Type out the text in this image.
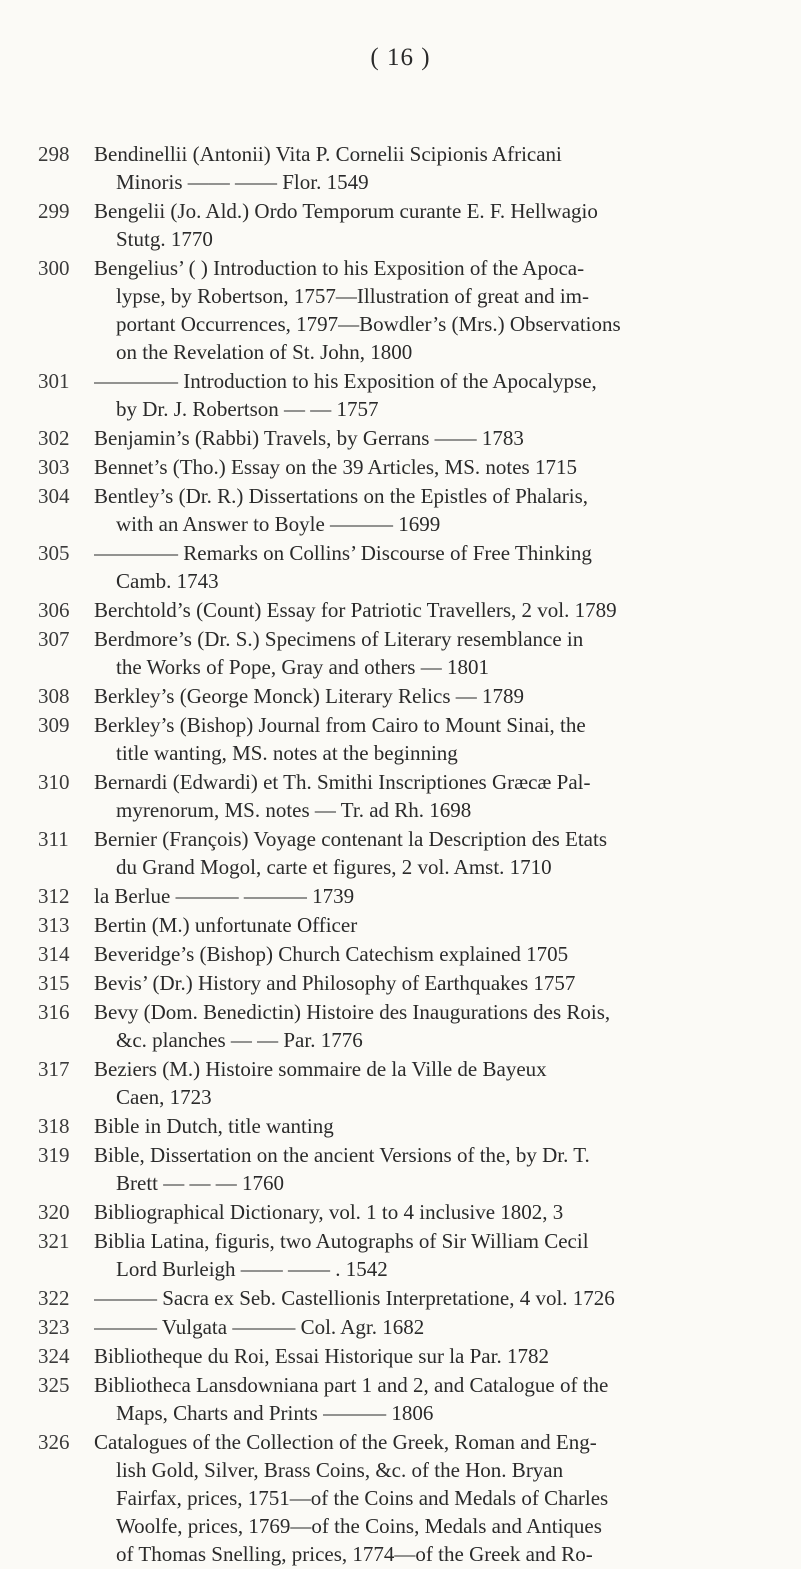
( 16 )
298	Bendinellii (Antonii) Vita P. Cornelii Scipionis Africani
Minoris —— —— Flor. 1549
299	Bengelii (Jo. Ald.) Ordo Temporum curante E. F. Hellwagio
Stutg. 1770
300	Bengelius’ ( ) Introduction to his Exposition of the Apoca-
lypse, by Robertson, 1757—Illustration of great and im-
portant Occurrences, 1797—Bowdler’s (Mrs.) Observations
on the Revelation of St. John, 1800
301	———— Introduction to his Exposition of the Apocalypse,
by Dr. J. Robertson — — 1757
302	Benjamin’s (Rabbi) Travels, by Gerrans —— 1783
303	Bennet’s (Tho.) Essay on the 39 Articles, MS. notes 1715
304	Bentley’s (Dr. R.) Dissertations on the Epistles of Phalaris,
with an Answer to Boyle ——— 1699
305	———— Remarks on Collins’ Discourse of Free Thinking
Camb. 1743
306	Berchtold’s (Count) Essay for Patriotic Travellers, 2 vol. 1789
307	Berdmore’s (Dr. S.) Specimens of Literary resemblance in
the Works of Pope, Gray and others — 1801
308	Berkley’s (George Monck) Literary Relics — 1789
309	Berkley’s (Bishop) Journal from Cairo to Mount Sinai, the
title wanting, MS. notes at the beginning
310	Bernardi (Edwardi) et Th. Smithi Inscriptiones Græcæ Pal-
myrenorum, MS. notes — Tr. ad Rh. 1698
311	Bernier (François) Voyage contenant la Description des Etats
du Grand Mogol, carte et figures, 2 vol. Amst. 1710
312	la Berlue ——— ——— 1739
313	Bertin (M.) unfortunate Officer
314	Beveridge’s (Bishop) Church Catechism explained 1705
315	Bevis’ (Dr.) History and Philosophy of Earthquakes 1757
316	Bevy (Dom. Benedictin) Histoire des Inaugurations des Rois,
&c. planches — — Par. 1776
317	Beziers (M.) Histoire sommaire de la Ville de Bayeux
Caen, 1723
318	Bible in Dutch, title wanting
319	Bible, Dissertation on the ancient Versions of the, by Dr. T.
Brett — — — 1760
320	Bibliographical Dictionary, vol. 1 to 4 inclusive 1802, 3
321	Biblia Latina, figuris, two Autographs of Sir William Cecil
Lord Burleigh —— —— . 1542
322	——— Sacra ex Seb. Castellionis Interpretatione, 4 vol. 1726
323	——— Vulgata ——— Col. Agr. 1682
324	Bibliotheque du Roi, Essai Historique sur la Par. 1782
325	Bibliotheca Lansdowniana part 1 and 2, and Catalogue of the
Maps, Charts and Prints ——— 1806
326	Catalogues of the Collection of the Greek, Roman and Eng-
lish Gold, Silver, Brass Coins, &c. of the Hon. Bryan
Fairfax, prices, 1751—of the Coins and Medals of Charles
Woolfe, prices, 1769—of the Coins, Medals and Antiques
of Thomas Snelling, prices, 1774—of the Greek and Ro-
